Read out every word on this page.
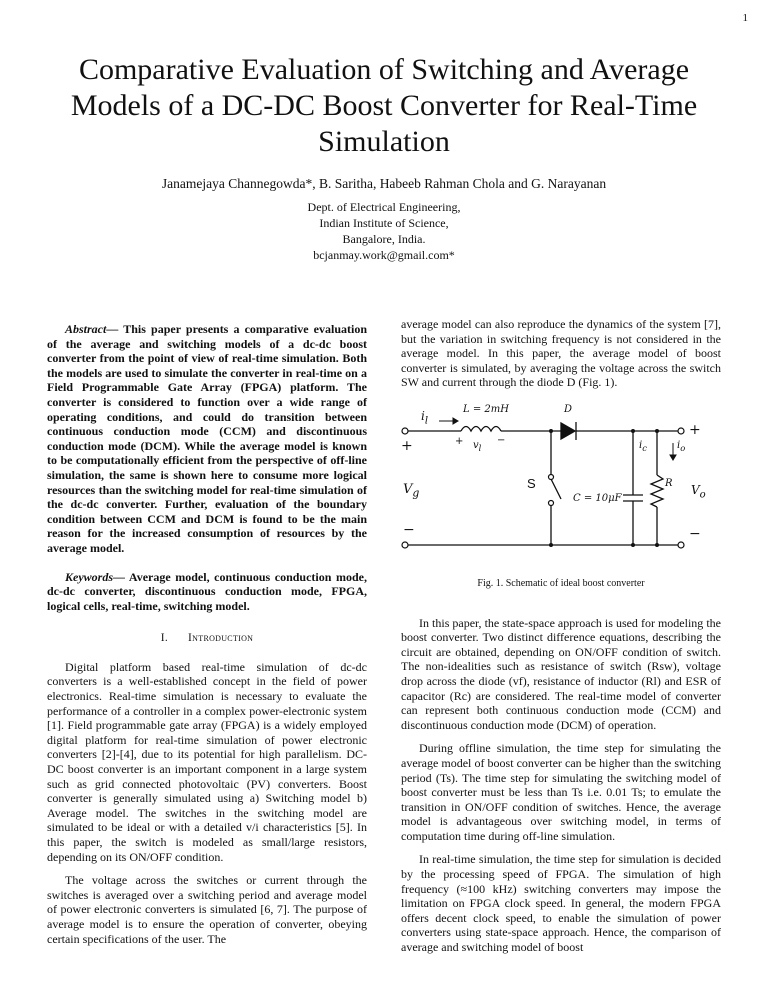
1
Comparative Evaluation of Switching and Average Models of a DC-DC Boost Converter for Real-Time Simulation
Janamejaya Channegowda*, B. Saritha, Habeeb Rahman Chola and G. Narayanan
Dept. of Electrical Engineering,
Indian Institute of Science,
Bangalore, India.
bcjanmay.work@gmail.com*

Abstract— This paper presents a comparative evaluation of the average and switching models of a dc-dc boost converter from the point of view of real-time simulation. Both the models are used to simulate the converter in real-time on a Field Programmable Gate Array (FPGA) platform. The converter is considered to function over a wide range of operating conditions, and could do transition between continuous conduction mode (CCM) and discontinuous conduction mode (DCM). While the average model is known to be computationally efficient from the perspective of off-line simulation, the same is shown here to consume more logical resources than the switching model for real-time simulation of the dc-dc converter. Further, evaluation of the boundary condition between CCM and DCM is found to be the main reason for the increased consumption of resources by the average model.

Keywords— Average model, continuous conduction mode, dc-dc converter, discontinuous conduction mode, FPGA, logical cells, real-time, switching model.

I. Introduction

Digital platform based real-time simulation of dc-dc converters is a well-established concept in the field of power electronics. Real-time simulation is necessary to evaluate the performance of a controller in a complex power-electronic system [1]. Field programmable gate array (FPGA) is a widely employed digital platform for real-time simulation of power electronic converters [2]-[4], due to its potential for high parallelism. DC-DC boost converter is an important component in a large system such as grid connected photovoltaic (PV) converters. Boost converter is generally simulated using a) Switching model b) Average model. The switches in the switching model are simulated to be ideal or with a detailed v/i characteristics [5]. In this paper, the switch is modeled as small/large resistors, depending on its ON/OFF condition.

The voltage across the switches or current through the switches is averaged over a switching period and average model of power electronic converters is simulated [6, 7]. The purpose of average model is to ensure the operation of converter, obeying certain specifications of the user. The

average model can also reproduce the dynamics of the system [7], but the variation in switching frequency is not considered in the average model. In this paper, the average model of boost converter is simulated, by averaging the voltage across the switch SW and current through the diode D (Fig. 1).

$i_l$
L = 2mH
+ $v_l$
−
D
$i_c$	$i_o$
S
C = 10μF
R
+
$V_g$
−
+
$V_o$
−
Fig. 1. Schematic of ideal boost converter

In this paper, the state-space approach is used for modeling the boost converter. Two distinct difference equations, describing the circuit are obtained, depending on ON/OFF condition of switch. The non-idealities such as resistance of switch (Rsw), voltage drop across the diode (vf), resistance of inductor (Rl) and ESR of capacitor (Rc) are considered. The real-time model of converter can represent both continuous conduction mode (CCM) and discontinuous conduction mode (DCM) of operation.

During offline simulation, the time step for simulating the average model of boost converter can be higher than the switching period (Ts). The time step for simulating the switching model of boost converter must be less than Ts i.e. 0.01 Ts; to emulate the transition in ON/OFF condition of switches. Hence, the average model is advantageous over switching model, in terms of computation time during off-line simulation.

In real-time simulation, the time step for simulation is decided by the processing speed of FPGA. The simulation of high frequency (≈100 kHz) switching converters may impose the limitation on FPGA clock speed. In general, the modern FPGA offers decent clock speed, to enable the simulation of power converters using state-space approach. Hence, the comparison of average and switching model of boost
